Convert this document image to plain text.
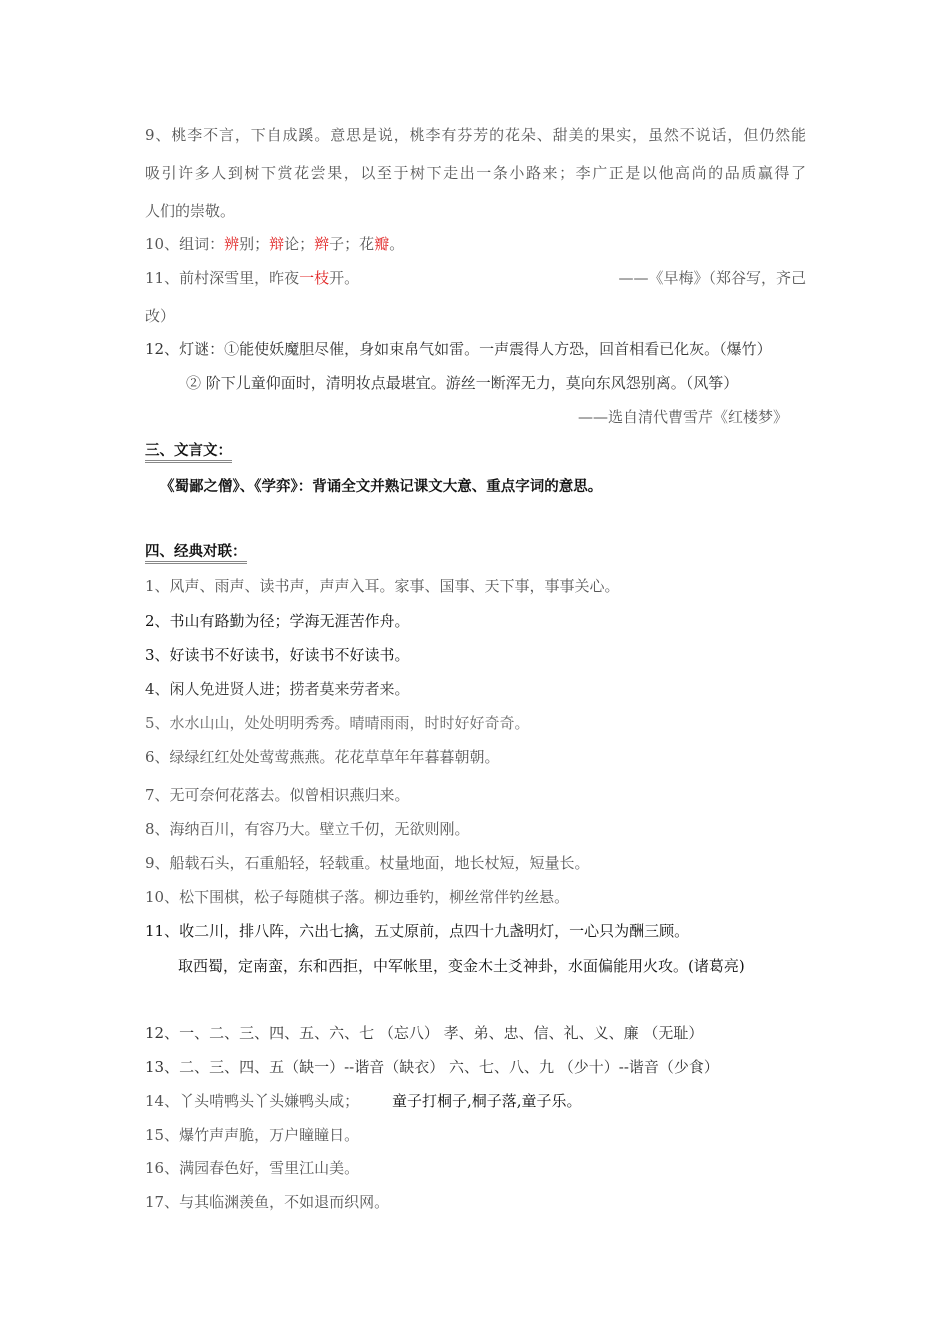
9、桃李不言，下自成蹊。意思是说，桃李有芬芳的花朵、甜美的果实，虽然不说话，但仍然能
吸引许多人到树下赏花尝果，以至于树下走出一条小路来；李广正是以他高尚的品质赢得了
人们的崇敬。
10、组词：辨别；辩论；辫子；花瓣。
11、前村深雪里，昨夜一枝开。	——《早梅》（郑谷写，齐己
改）
12、灯谜：①能使妖魔胆尽催，身如束帛气如雷。一声震得人方恐，回首相看已化灰。（爆竹）
② 阶下儿童仰面时，清明妆点最堪宜。游丝一断浑无力，莫向东风怨别离。（风筝）
——选自清代曹雪芹《红楼梦》
三、文言文：
《蜀鄙之僧》、《学弈》：背诵全文并熟记课文大意、重点字词的意思。
四、经典对联：
1、风声、雨声、读书声，声声入耳。家事、国事、天下事，事事关心。
2、书山有路勤为径；学海无涯苦作舟。
3、好读书不好读书，好读书不好读书。
4、闲人免进贤人进；捞者莫来劳者来。
5、水水山山，处处明明秀秀。晴晴雨雨，时时好好奇奇。
6、绿绿红红处处莺莺燕燕。花花草草年年暮暮朝朝。
7、无可奈何花落去。似曾相识燕归来。
8、海纳百川，有容乃大。壁立千仞，无欲则刚。
9、船载石头，石重船轻，轻载重。杖量地面，地长杖短，短量长。
10、松下围棋，松子每随棋子落。柳边垂钓，柳丝常伴钓丝悬。
11、收二川，排八阵，六出七擒，五丈原前，点四十九盏明灯，一心只为酬三顾。
取西蜀，定南蛮，东和西拒，中军帐里，变金木土爻神卦，水面偏能用火攻。(诸葛亮)
12、一、二、三、四、五、六、七 （忘八） 孝、弟、忠、信、礼、义、廉 （无耻）
13、二、三、四、五（缺一）--谐音（缺衣） 六、七、八、九 （少十）--谐音（少食）
14、丫头啃鸭头丫头嫌鸭头咸； 童子打桐子,桐子落,童子乐。
15、爆竹声声脆，万户瞳瞳日。
16、满园春色好，雪里江山美。
17、与其临渊羡鱼，不如退而织网。
